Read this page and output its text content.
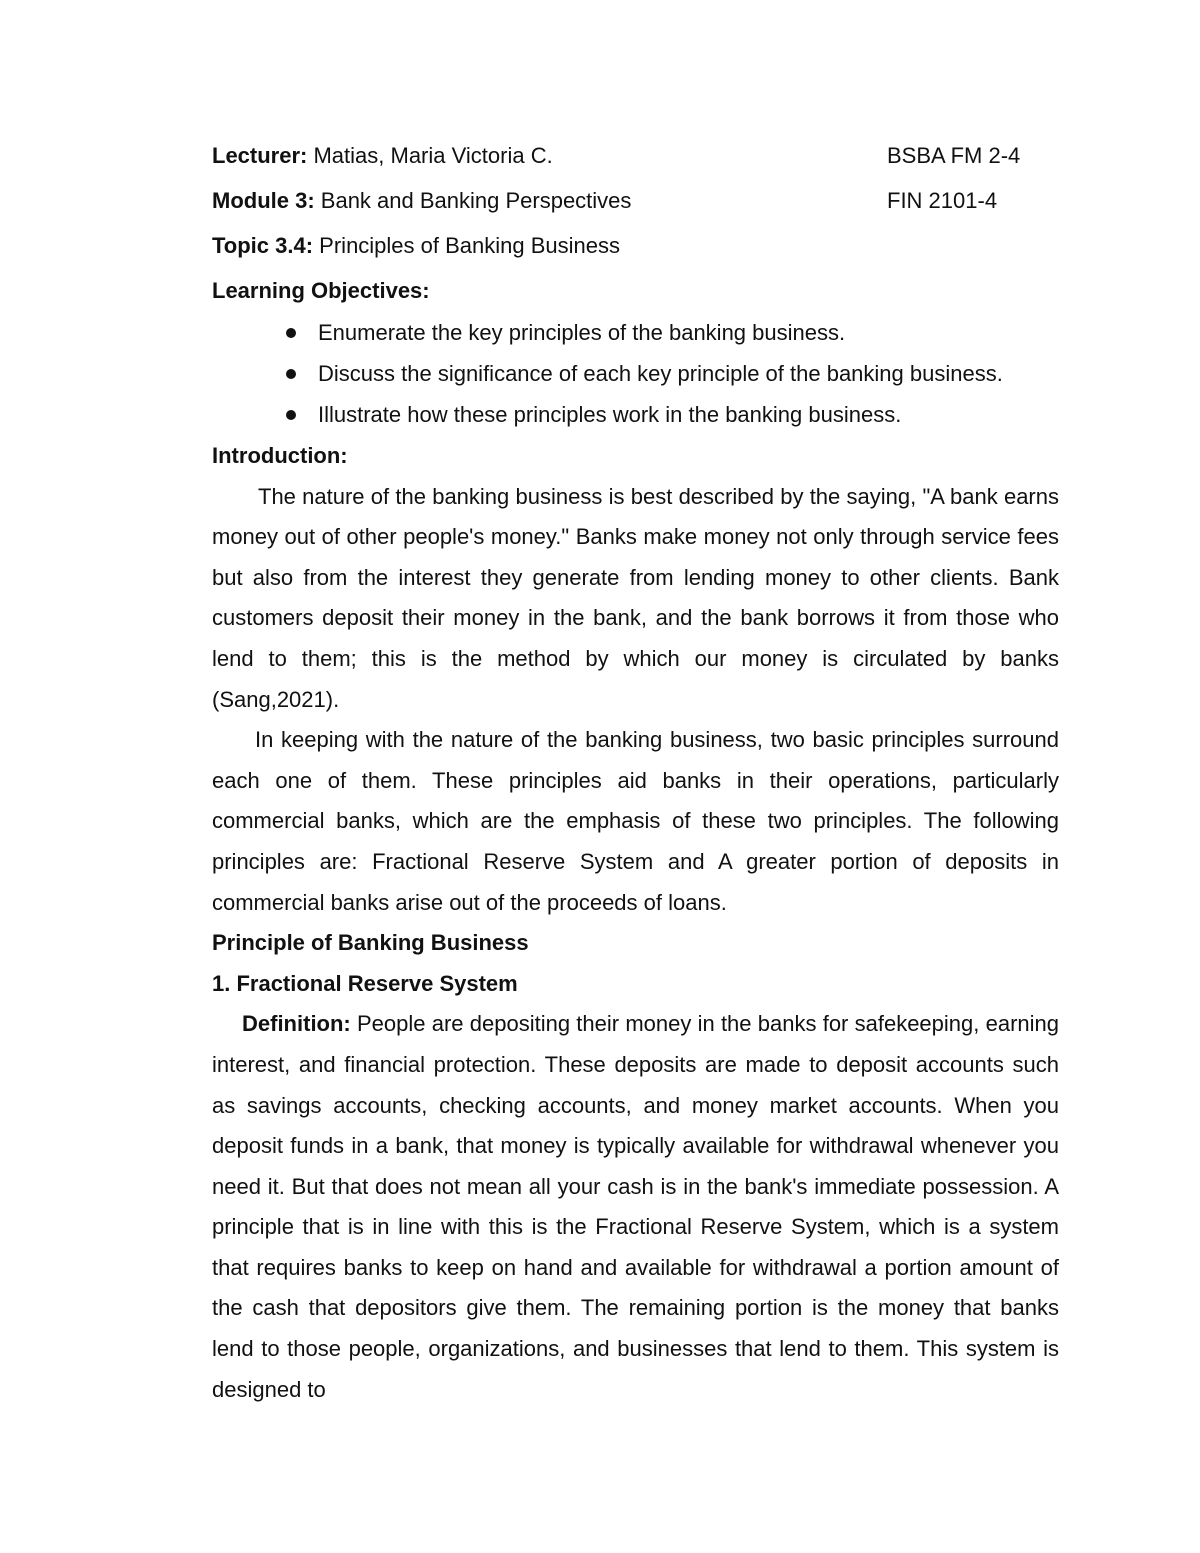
Lecturer: Matias, Maria Victoria C.	BSBA FM 2-4
Module 3: Bank and Banking Perspectives	FIN 2101-4
Topic 3.4: Principles of Banking Business
Learning Objectives:
Enumerate the key principles of the banking business.
Discuss the significance of each key principle of the banking business.
Illustrate how these principles work in the banking business.
Introduction:

The nature of the banking business is best described by the saying, "A bank earns money out of other people's money." Banks make money not only through service fees but also from the interest they generate from lending money to other clients. Bank customers deposit their money in the bank, and the bank borrows it from those who lend to them; this is the method by which our money is circulated by banks (Sang,2021).

In keeping with the nature of the banking business, two basic principles surround each one of them. These principles aid banks in their operations, particularly commercial banks, which are the emphasis of these two principles. The following principles are: Fractional Reserve System and A greater portion of deposits in commercial banks arise out of the proceeds of loans.

Principle of Banking Business
1. Fractional Reserve System

Definition: People are depositing their money in the banks for safekeeping, earning interest, and financial protection. These deposits are made to deposit accounts such as savings accounts, checking accounts, and money market accounts. When you deposit funds in a bank, that money is typically available for withdrawal whenever you need it. But that does not mean all your cash is in the bank's immediate possession. A principle that is in line with this is the Fractional Reserve System, which is a system that requires banks to keep on hand and available for withdrawal a portion amount of the cash that depositors give them. The remaining portion is the money that banks lend to those people, organizations, and businesses that lend to them. This system is designed to
